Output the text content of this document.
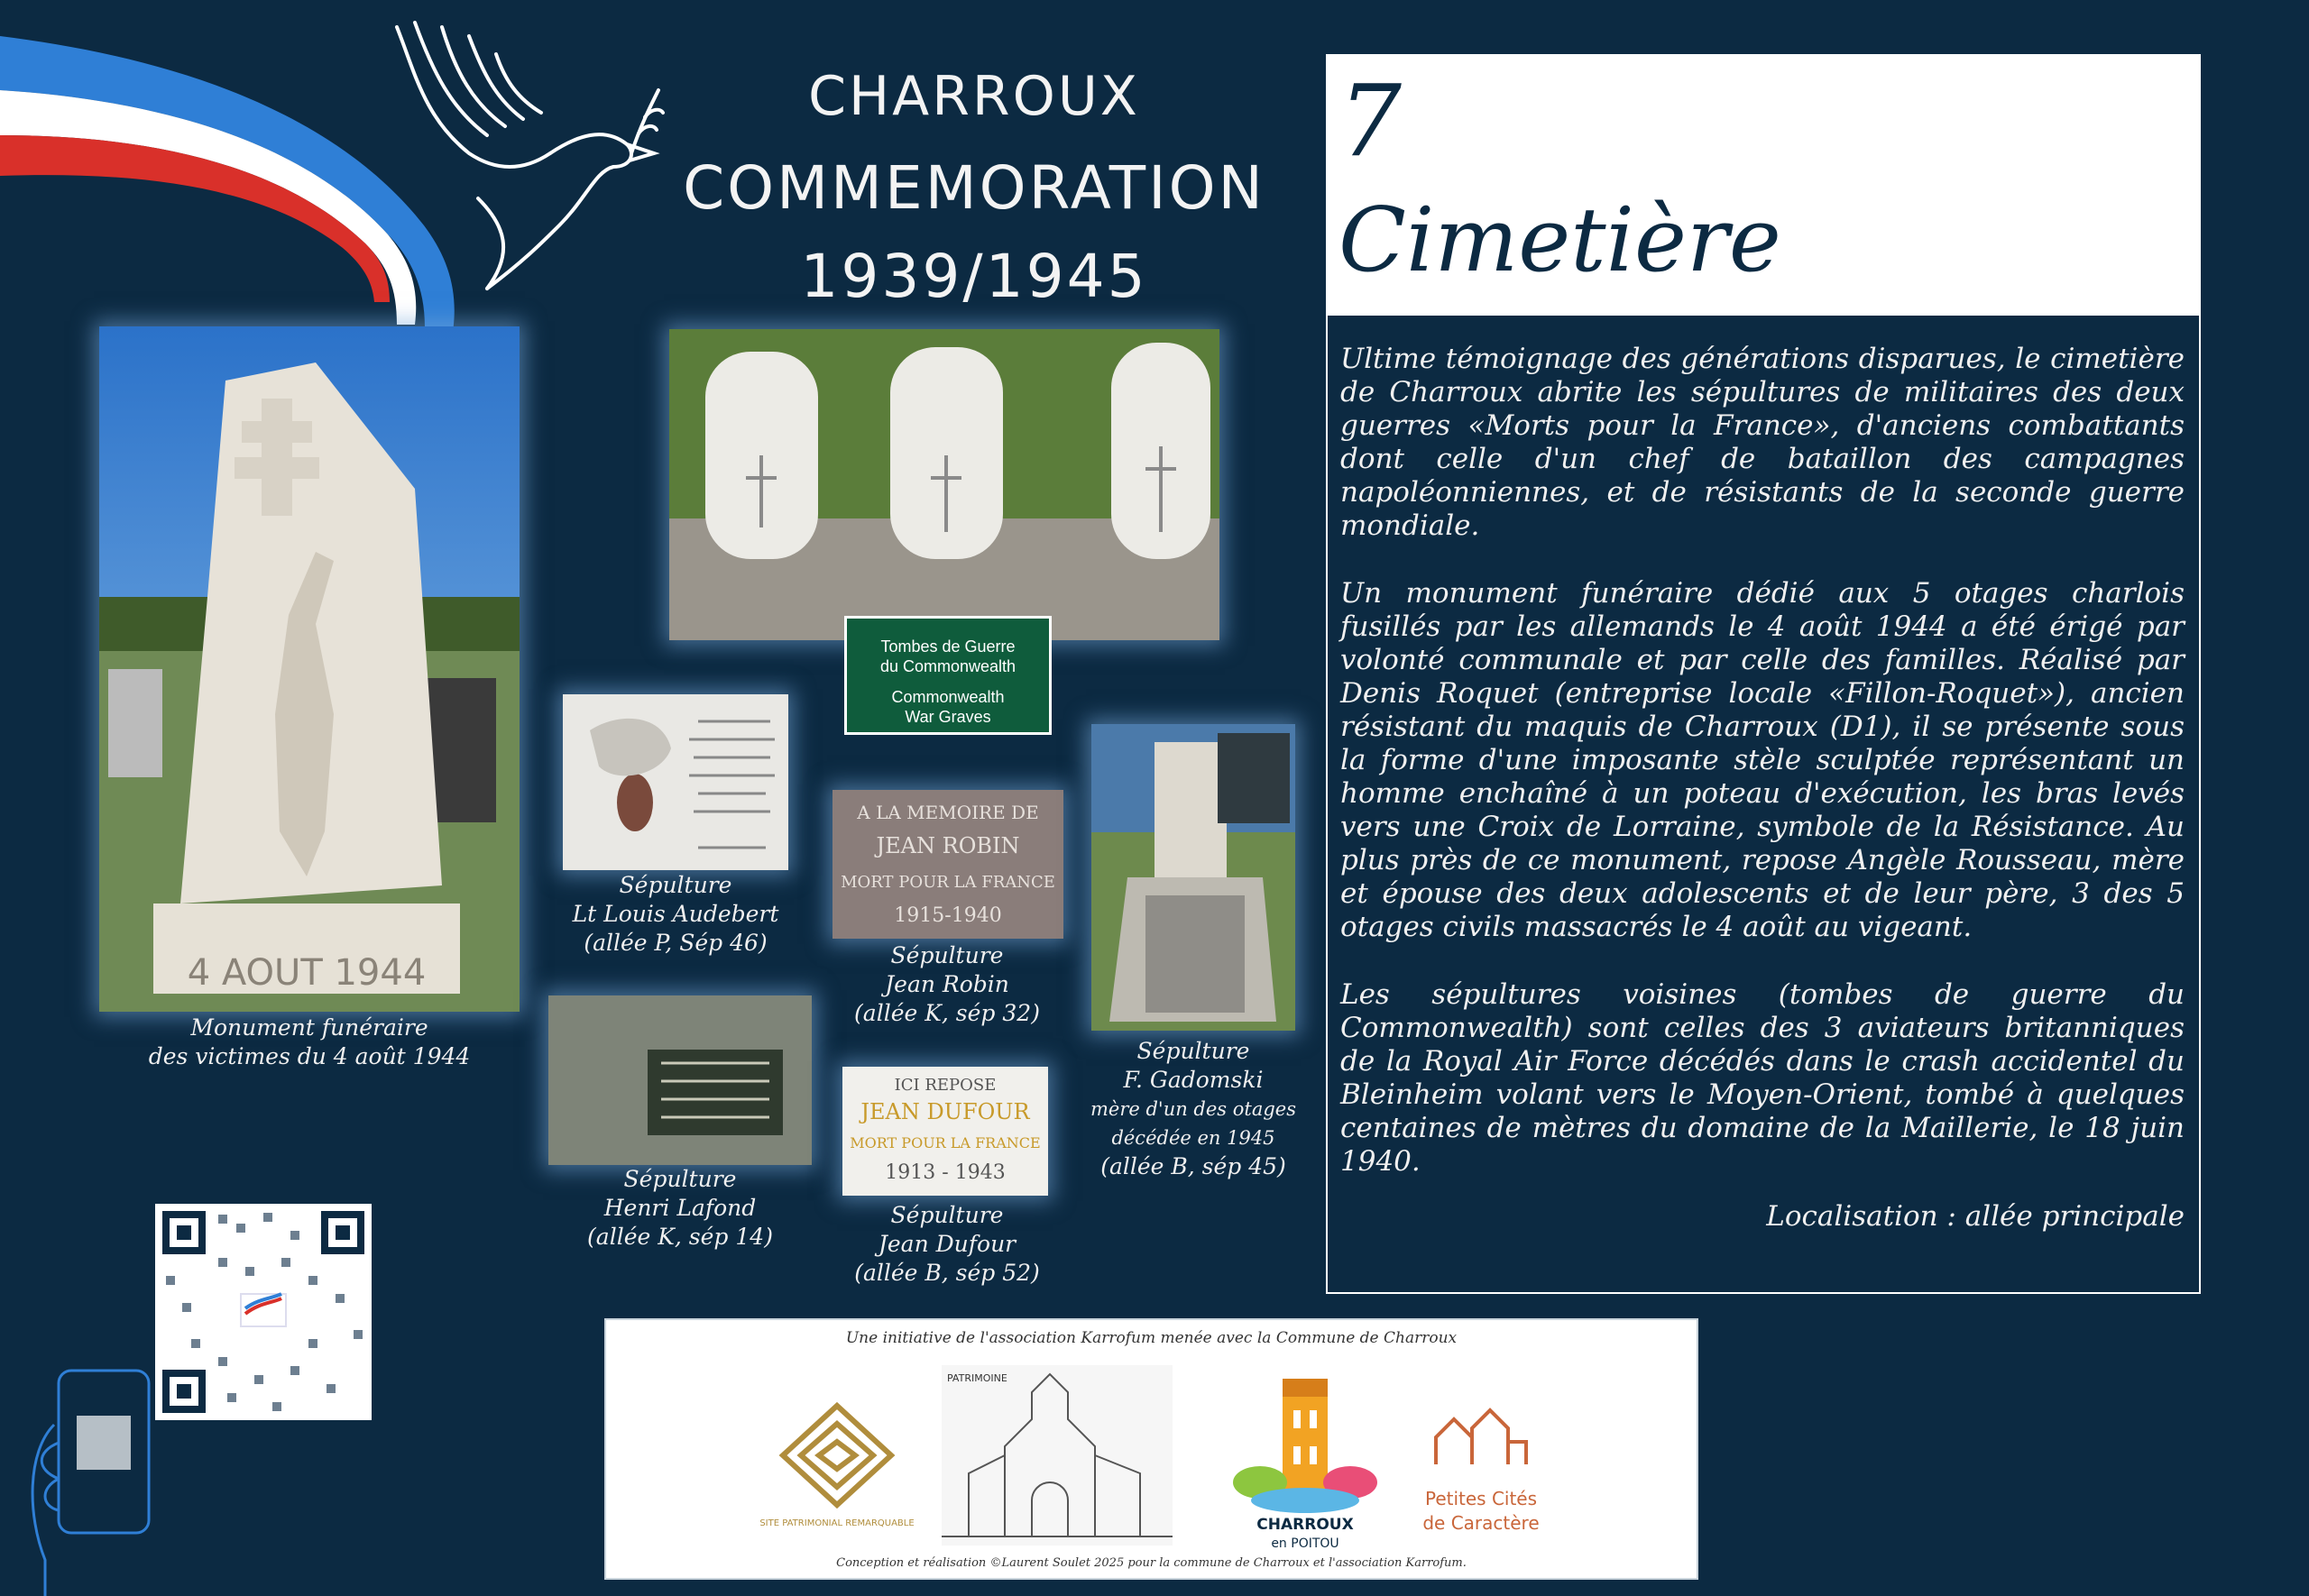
CHARROUX
COMMEMORATION
1939/1945
7
Cimetière

Ultime témoignage des générations disparues, le cimetière de Charroux abrite les sépultures de militaires des deux guerres «Morts pour la France», d'anciens combattants dont celle d'un chef de bataillon des campagnes napoléonniennes, et de résistants de la seconde guerre mondiale.

Un monument funéraire dédié aux 5 otages charlois fusillés par les allemands le 4 août 1944 a été érigé par volonté communale et par celle des familles. Réalisé par Denis Roquet (entreprise locale «Fillon-Roquet»), ancien résistant du maquis de Charroux (D1), il se présente sous la forme d'une imposante stèle sculptée représentant un homme enchaîné à un poteau d'exécution, les bras levés vers une Croix de Lorraine, symbole de la Résistance. Au plus près de ce monument, repose Angèle Rousseau, mère et épouse des deux adolescents et de leur père, 3 des 5 otages civils massacrés le 4 août au vigeant.

Les sépultures voisines (tombes de guerre du Commonwealth) sont celles des 3 aviateurs britanniques de la Royal Air Force décédés dans le crash accidentel du Bleinheim volant vers le Moyen-Orient, tombé à quelques centaines de mètres du domaine de la Maillerie, le 18 juin 1940.

Localisation : allée principale
4 AOUT 1944
Monument funéraire
des victimes du 4 août 1944
Tombes de Guerre
du Commonwealth
Commonwealth
War Graves
Sépulture
Lt Louis Audebert
(allée P, Sép 46)
A LA MEMOIRE DE
JEAN ROBIN
MORT POUR LA FRANCE
1915-1940
Sépulture
Jean Robin
(allée K, sép 32)
Sépulture
F. Gadomski
mère d'un des otages
décédée en 1945
(allée B, sép 45)
Sépulture
Henri Lafond
(allée K, sép 14)
ICI REPOSE
JEAN DUFOUR
MORT POUR LA FRANCE
1913 - 1943
Sépulture
Jean Dufour
(allée B, sép 52)
Une initiative de l'association Karrofum menée avec la Commune de Charroux
SITE PATRIMONIAL REMARQUABLE
PATRIMOINE
CHARROUX
en POITOU
Petites Cités
de Caractère
Conception et réalisation ©Laurent Soulet 2025 pour la commune de Charroux et l'association Karrofum.
